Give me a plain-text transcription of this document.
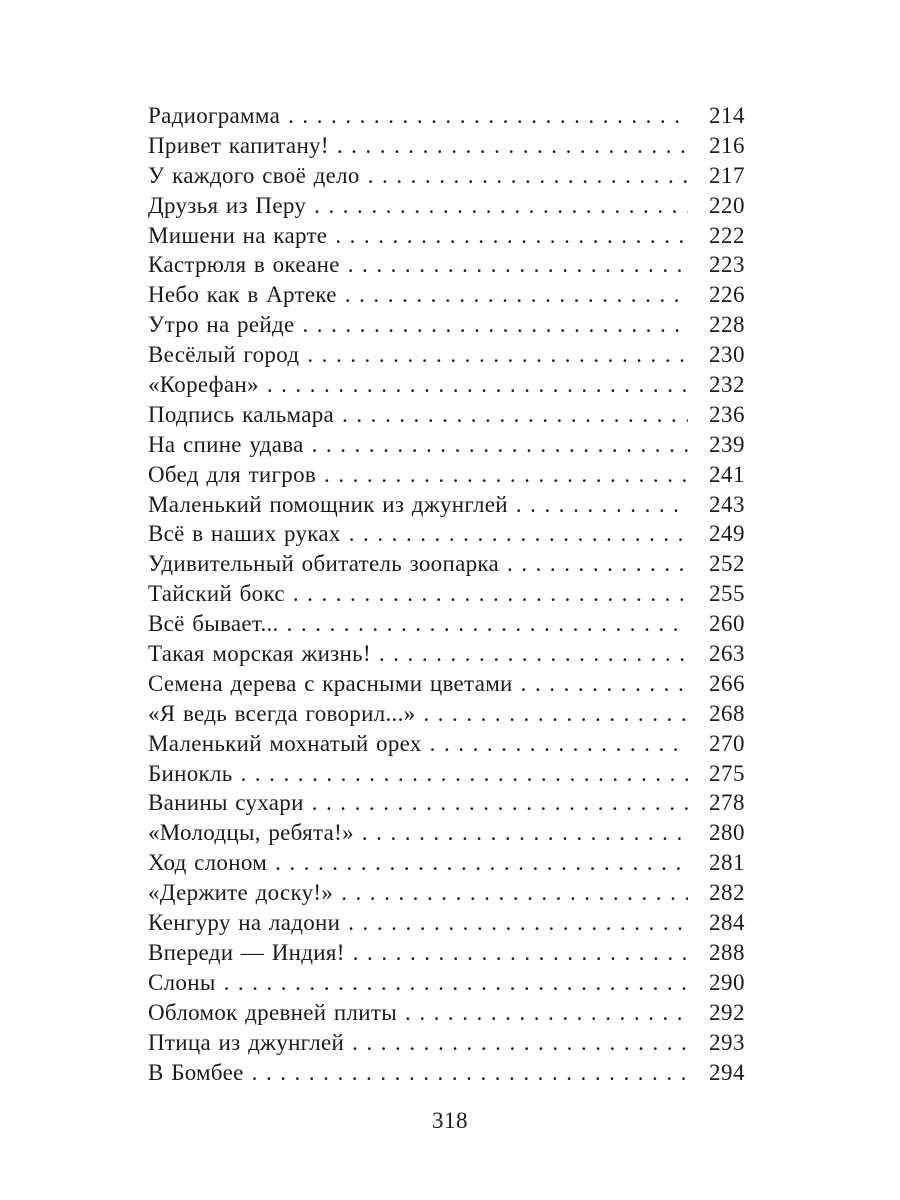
Радиограмма . . .	214
Привет капитану! . . .	216
У каждого своё дело . . .	217
Друзья из Перу . . .	220
Мишени на карте . . .	222
Кастрюля в океане . . .	223
Небо как в Артеке . . .	226
Утро на рейде . . .	228
Весёлый город . . .	230
«Корефан» . . .	232
Подпись кальмара . . .	236
На спине удава . . .	239
Обед для тигров . . .	241
Маленький помощник из джунглей . . .	243
Всё в наших руках . . .	249
Удивительный обитатель зоопарка . . .	252
Тайский бокс . . .	255
Всё бывает... . . .	260
Такая морская жизнь! . . .	263
Семена дерева с красными цветами . . .	266
«Я ведь всегда говорил...» . . .	268
Маленький мохнатый орех . . .	270
Бинокль . . .	275
Ванины сухари . . .	278
«Молодцы, ребята!» . . .	280
Ход слоном . . .	281
«Держите доску!» . . .	282
Кенгуру на ладони . . .	284
Впереди — Индия! . . .	288
Слоны . . .	290
Обломок древней плиты . . .	292
Птица из джунглей . . .	293
В Бомбее . . .	294
318
